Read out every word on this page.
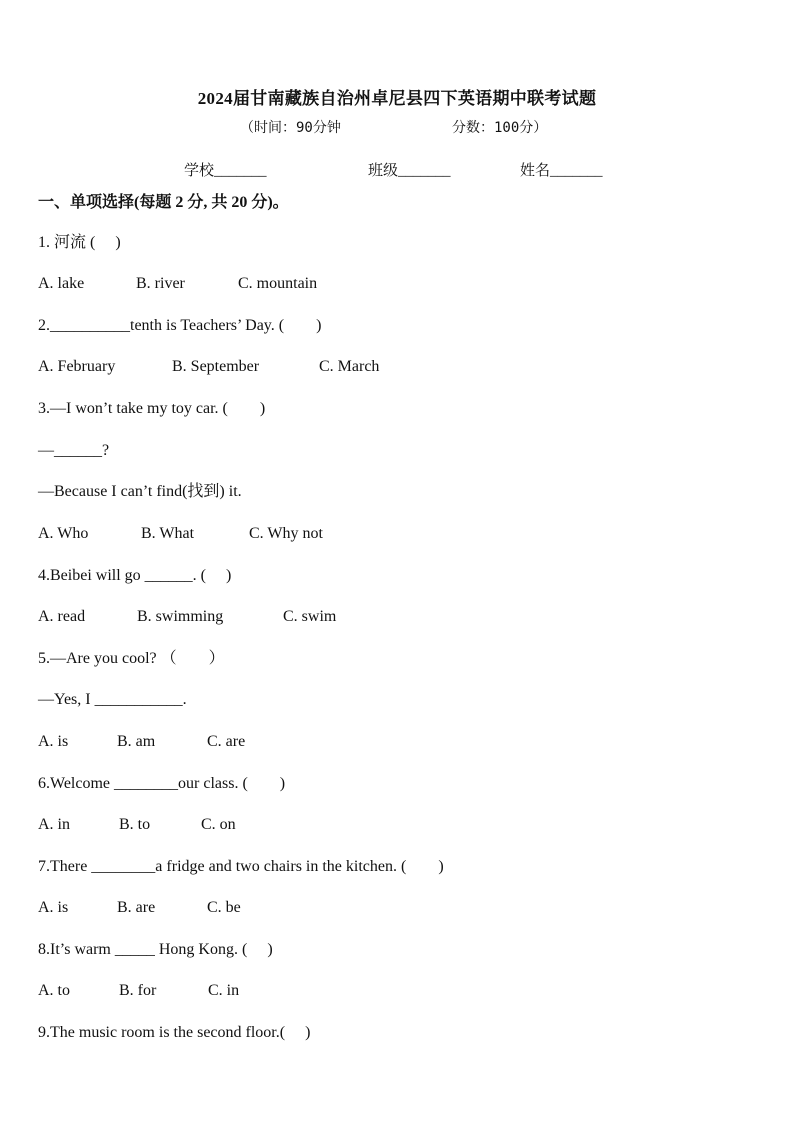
2024届甘南藏族自治州卓尼县四下英语期中联考试题
（时间：90分钟	分数：100分）
学校_______	班级_______	姓名_______
一、单项选择(每题 2 分, 共 20 分)。
1. 河流 (　 )
A. lake	B. river	C. mountain
2.__________tenth is Teachers’ Day. (　　)
A. February	B. September	C. March
3.—I won’t take my toy car. (　　)
—______?
—Because I can’t find(找到) it.
A. Who	B. What	C. Why not
4.Beibei will go ______. (　 )
A. read	B. swimming	C. swim
5.—Are you cool? （　　）
—Yes, I ___________.
A. is	B. am	C. are
6.Welcome ________our class. (　　)
A. in	B. to	C. on
7.There ________a fridge and two chairs in the kitchen. (　　)
A. is	B. are	C. be
8.It’s warm _____ Hong Kong. (　 )
A. to	B. for	C. in
9.The music room is the second floor.(　 )
